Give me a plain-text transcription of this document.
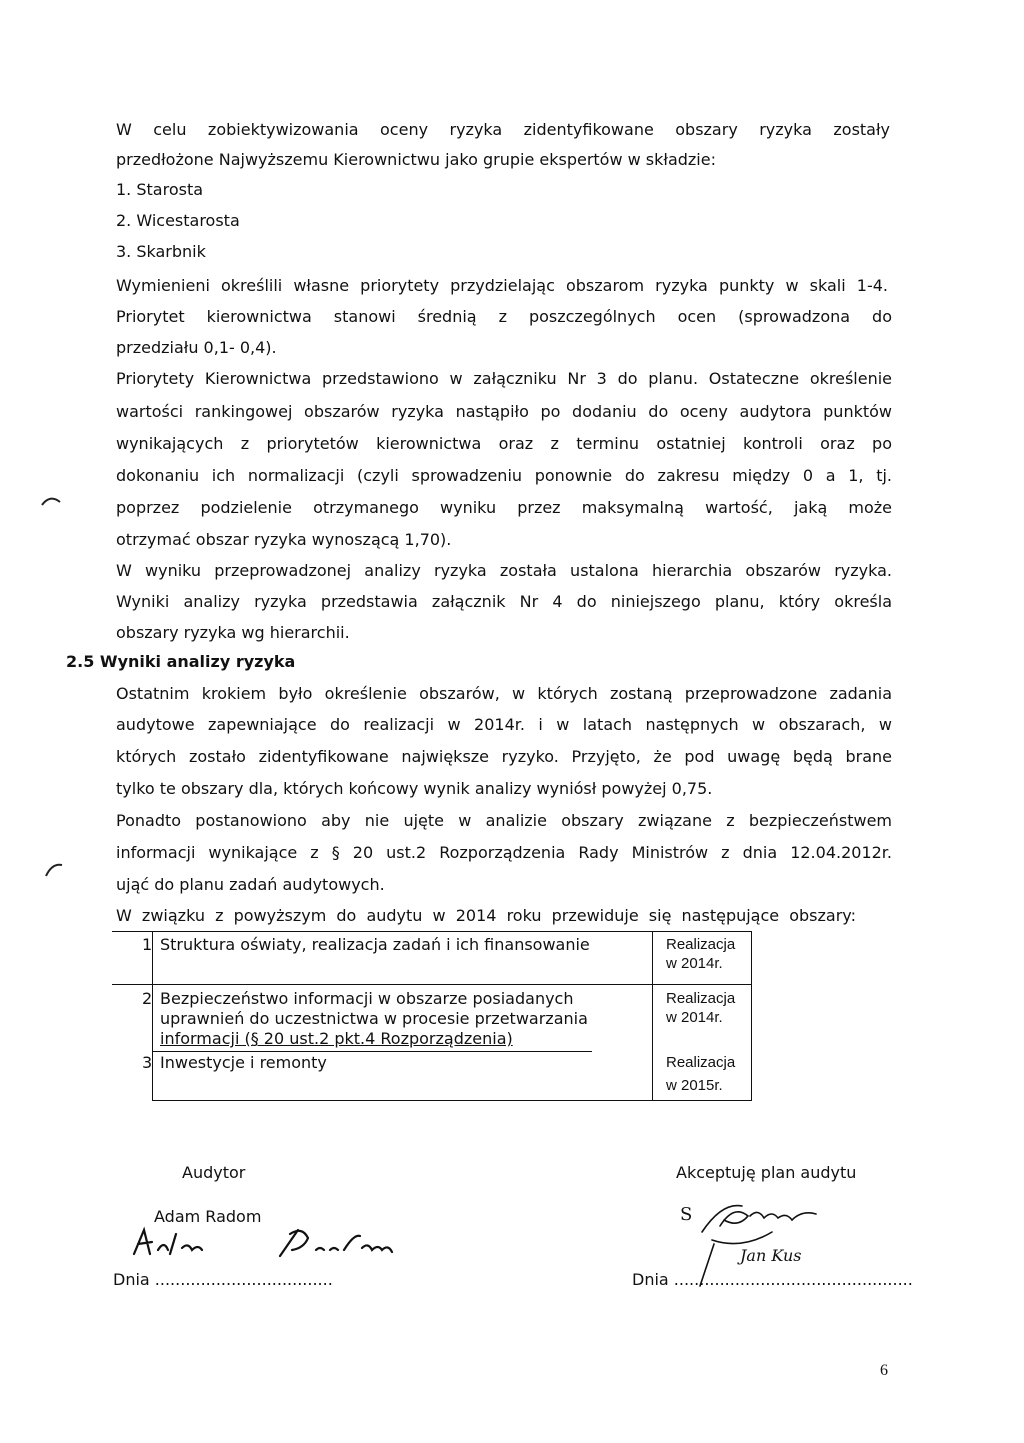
W celu zobiektywizowania oceny ryzyka zidentyfikowane obszary ryzyka zostały
przedłożone Najwyższemu Kierownictwu jako grupie ekspertów w składzie:
1. Starosta
2. Wicestarosta
3. Skarbnik
Wymienieni określili własne priorytety przydzielając obszarom ryzyka punkty w skali 1-4.
Priorytet kierownictwa stanowi średnią z poszczególnych ocen (sprowadzona do
przedziału 0,1- 0,4).
Priorytety Kierownictwa przedstawiono w załączniku Nr 3 do planu. Ostateczne określenie
wartości rankingowej obszarów ryzyka nastąpiło po dodaniu do oceny audytora punktów
wynikających z priorytetów kierownictwa oraz z terminu ostatniej kontroli oraz po
dokonaniu ich normalizacji (czyli sprowadzeniu ponownie do zakresu między 0 a 1, tj.
poprzez podzielenie otrzymanego wyniku przez maksymalną wartość, jaką może
otrzymać obszar ryzyka wynoszącą 1,70).
W wyniku przeprowadzonej analizy ryzyka została ustalona hierarchia obszarów ryzyka.
Wyniki analizy ryzyka przedstawia załącznik Nr 4 do niniejszego planu, który określa
obszary ryzyka wg hierarchii.
2.5 Wyniki analizy ryzyka
Ostatnim krokiem było określenie obszarów, w których zostaną przeprowadzone zadania
audytowe zapewniające do realizacji w 2014r. i w latach następnych w obszarach, w
których zostało zidentyfikowane największe ryzyko. Przyjęto, że pod uwagę będą brane
tylko te obszary dla, których końcowy wynik analizy wyniósł powyżej 0,75.
Ponadto postanowiono aby nie ujęte w analizie obszary związane z bezpieczeństwem
informacji wynikające z § 20 ust.2 Rozporządzenia Rady Ministrów z dnia 12.04.2012r.
ująć do planu zadań audytowych.
W związku z powyższym do audytu w 2014 roku przewiduje się następujące obszary:
1 Struktura oświaty, realizacja zadań i ich finansowanie	Realizacja
w 2014r.
2 Bezpieczeństwo informacji w obszarze posiadanych
uprawnień do uczestnictwa w procesie przetwarzania
informacji (§ 20 ust.2 pkt.4 Rozporządzenia)
Realizacja
w 2014r.
3 Inwestycje i remonty	Realizacja
w 2015r.
Audytor
Adam Radom
Dnia ...................................
Akceptuję plan audytu
S
Jan Kus
Dnia ...............................................
6
